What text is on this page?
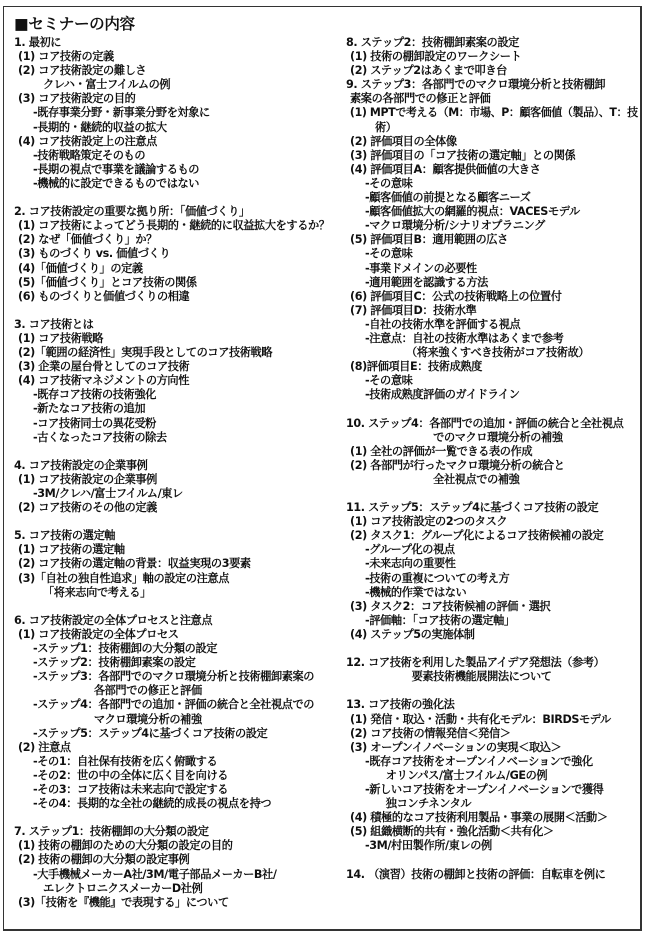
■セミナーの内容
1. 最初に
(1) コア技術の定義
(2) コア技術設定の難しさ
クレハ・富士フイルムの例
(3) コア技術設定の目的
-既存事業分野・新事業分野を対象に
-長期的・継続的収益の拡大
(4) コア技術設定上の注意点
-技術戦略策定そのもの
-長期の視点で事業を議論するもの
-機械的に設定できるものではない
2. コア技術設定の重要な拠り所：「価値づくり」
(1) コア技術によってどう長期的・継続的に収益拡大をするか？
(2) なぜ「価値づくり」か？
(3) ものづくり vs. 価値づくり
(4)「価値づくり」の定義
(5)「価値づくり」とコア技術の関係
(6) ものづくりと価値づくりの相違
3. コア技術とは
(1) コア技術戦略
(2)「範囲の経済性」実現手段としてのコア技術戦略
(3) 企業の屋台骨としてのコア技術
(4) コア技術マネジメントの方向性
-既存コア技術の技術強化
-新たなコア技術の追加
-コア技術同士の異花受粉
-古くなったコア技術の除去
4. コア技術設定の企業事例
(1) コア技術設定の企業事例
-3M/クレハ/富士フイルム/東レ
(2) コア技術のその他の定義
5. コア技術の選定軸
(1) コア技術の選定軸
(2) コア技術の選定軸の背景：収益実現の3要素
(3)「自社の独自性追求」軸の設定の注意点
「将来志向で考える」
6. コア技術設定の全体プロセスと注意点
(1) コア技術設定の全体プロセス
-ステップ1：技術棚卸の大分類の設定
-ステップ2：技術棚卸素案の設定
-ステップ3：各部門でのマクロ環境分析と技術棚卸素案の
　　　 各部門での修正と評価
-ステップ4：各部門での追加・評価の統合と全社視点での
　　　 マクロ環境分析の補強
-ステップ5：ステップ4に基づくコア技術の設定
(2) 注意点
-その1：自社保有技術を広く俯瞰する
-その2：世の中の全体に広く目を向ける
-その3：コア技術は未来志向で設定する
-その4：長期的な全社の継続的成長の視点を持つ
7. ステップ1：技術棚卸の大分類の設定
(1) 技術の棚卸のための大分類の設定の目的
(2) 技術の棚卸の大分類の設定事例
-大手機械メーカーA社/3M/電子部品メーカーB社/
エレクトロニクスメーカーD社例
(3)「技術を『機能』で表現する」について
8. ステップ2：技術棚卸素案の設定
(1) 技術の棚卸設定のワークシート
(2) ステップ2はあくまで叩き台
9. ステップ3：各部門でのマクロ環境分析と技術棚卸
素案の各部門での修正と評価
(1) MPTで考える（M：市場、P：顧客価値（製品）、T：技
術）
(2) 評価項目の全体像
(3) 評価項目の「コア技術の選定軸」との関係
(4) 評価項目A：顧客提供価値の大きさ
-その意味
-顧客価値の前提となる顧客ニーズ
-顧客価値拡大の網羅的視点：VACESモデル
-マクロ環境分析/シナリオプラニング
(5) 評価項目B：適用範囲の広さ
-その意味
-事業ドメインの必要性
-適用範囲を認識する方法
(6) 評価項目C：公式の技術戦略上の位置付
(7) 評価項目D：技術水準
-自社の技術水準を評価する視点
-注意点：自社の技術水準はあくまで参考
　　（将来強くすべき技術がコア技術故）
(8)評価項目E：技術成熟度
-その意味
-技術成熟度評価のガイドライン
10. ステップ4：各部門での追加・評価の統合と全社視点
　　　　でのマクロ環境分析の補強
(1) 全社の評価が一覧できる表の作成
(2) 各部門が行ったマクロ環境分析の統合と
　　　　全社視点での補強
11. ステップ5：ステップ4に基づくコア技術の設定
(1) コア技術設定の2つのタスク
(2) タスク1：グループ化によるコア技術候補の設定
-グループ化の視点
-未来志向の重要性
-技術の重複についての考え方
-機械的作業ではない
(3) タスク2：コア技術候補の評価・選択
-評価軸：「コア技術の選定軸」
(4) ステップ5の実施体制
12. コア技術を利用した製品アイデア発想法（参考）
　　要素技術機能展開法について
13. コア技術の強化法
(1) 発信・取込・活動・共有化モデル：BIRDSモデル
(2) コア技術の情報発信＜発信＞
(3) オープンイノベーションの実現＜取込＞
-既存コア技術をオープンイノベーションで強化
　オリンパス/富士フイルム/GEの例
-新しいコア技術をオープンイノベーションで獲得
　独コンチネンタル
(4) 積極的なコア技術利用製品・事業の展開＜活動＞
(5) 組織横断的共有・強化活動＜共有化＞
-3M/村田製作所/東レの例
14. （演習）技術の棚卸と技術の評価：自転車を例に
